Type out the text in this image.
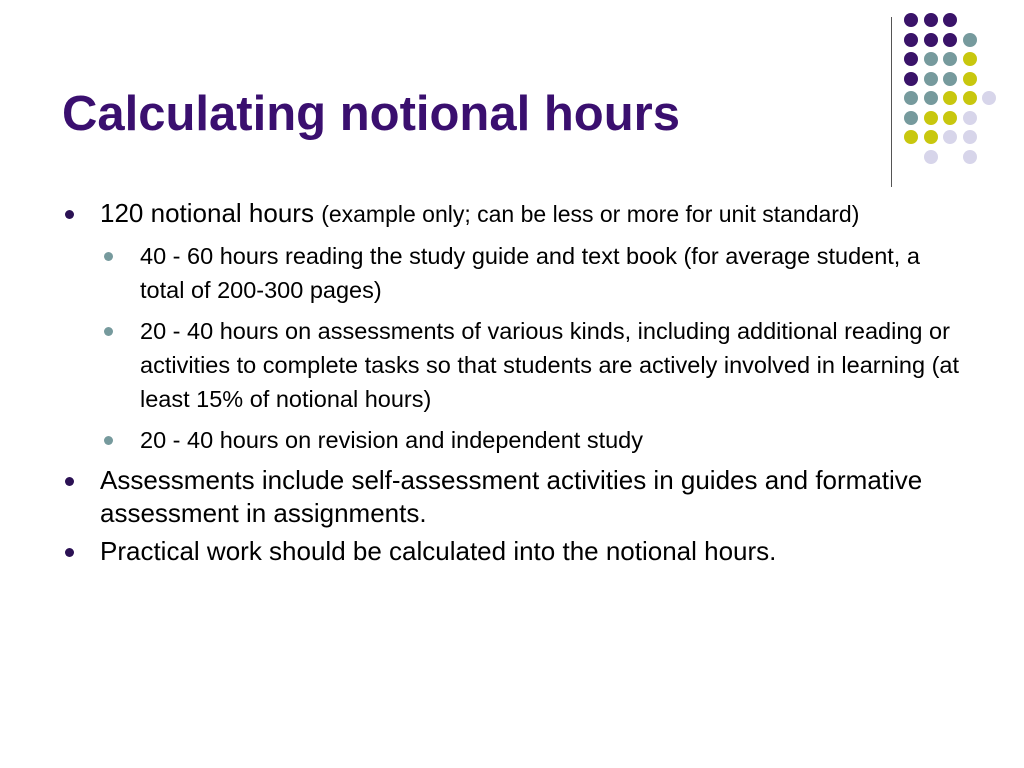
Calculating notional hours
120 notional hours (example only; can be less or more for unit standard)
40 - 60 hours reading the study guide and text book (for average student, a total of 200-300 pages)
20 - 40 hours on assessments of various kinds, including additional reading or activities to complete tasks so that students are actively involved in learning (at least 15% of notional hours)
20 - 40 hours on revision and independent study
Assessments include self-assessment activities in guides and formative assessment in assignments.
Practical work should be calculated into the notional hours.
